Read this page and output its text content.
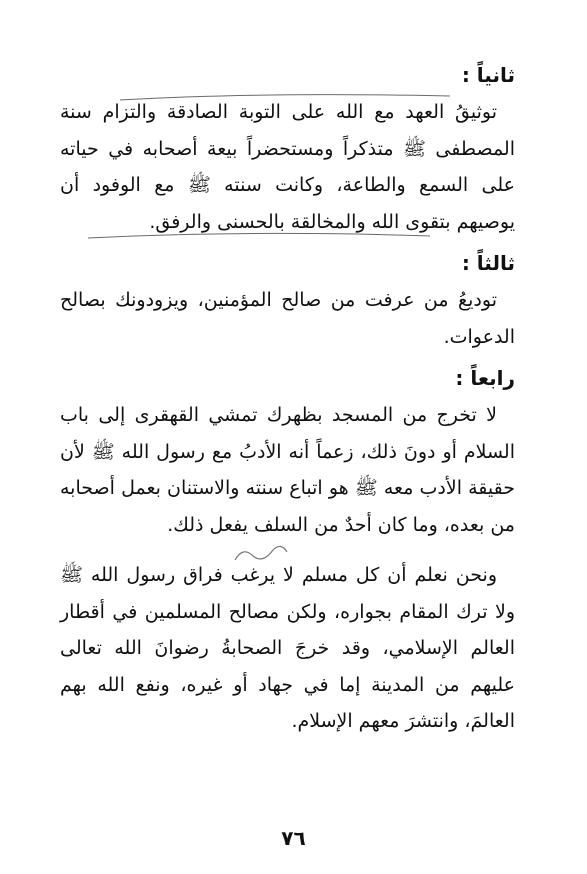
ثانياً :

توثيقُ العهد مع الله على التوبة الصادقة والتزام سنة المصطفى ﷺ متذكراً ومستحضراً بيعة أصحابه في حياته على السمع والطاعة، وكانت سنته ﷺ مع الوفود أن يوصيهم بتقوى الله والمخالقة بالحسنى والرفق.

ثالثاً :

توديعُ من عرفت من صالح المؤمنين، ويزودونك بصالح الدعوات.

رابعاً :

لا تخرج من المسجد بظهرك تمشي القهقرى إلى باب السلام أو دونَ ذلك، زعماً أنه الأدبُ مع رسول الله ﷺ لأن حقيقة الأدب معه ﷺ هو اتباع سنته والاستنان بعمل أصحابه من بعده، وما كان أحدٌ من السلف يفعل ذلك.

ونحن نعلم أن كل مسلم لا يرغب فراق رسول الله ﷺ ولا ترك المقام بجواره، ولكن مصالح المسلمين في أقطار العالم الإسلامي، وقد خرجَ الصحابةُ رضوانَ الله تعالى عليهم من المدينة إما في جهاد أو غيره، ونفع الله بهم العالمَ، وانتشرَ معهم الإسلام.

٧٦
